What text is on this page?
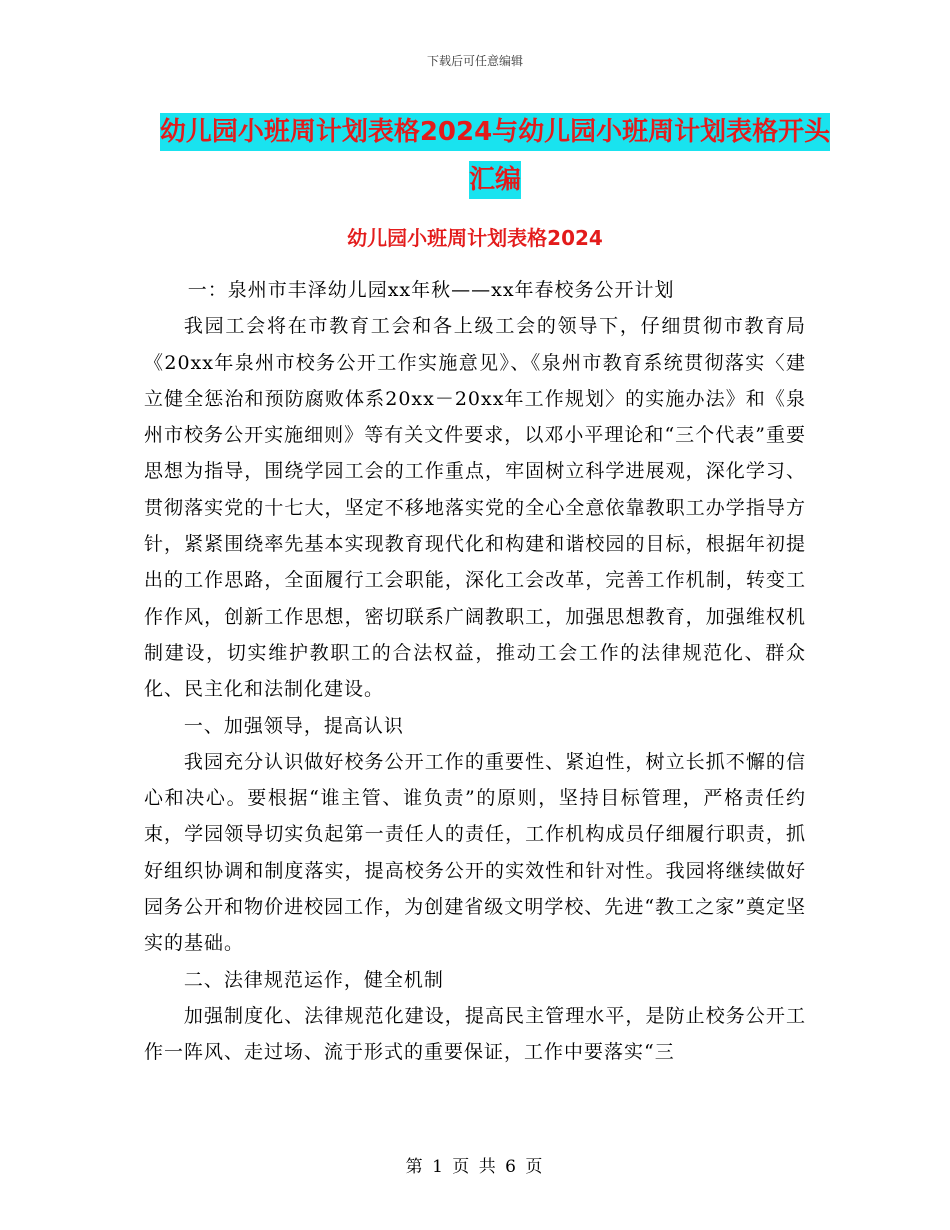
下载后可任意编辑
幼儿园小班周计划表格2024与幼儿园小班周计划表格开头汇编
幼儿园小班周计划表格2024

一：泉州市丰泽幼儿园xx年秋——xx年春校务公开计划

我园工会将在市教育工会和各上级工会的领导下，仔细贯彻市教育局《20xx年泉州市校务公开工作实施意见》、《泉州市教育系统贯彻落实〈建立健全惩治和预防腐败体系20xx－20xx年工作规划〉的实施办法》和《泉州市校务公开实施细则》等有关文件要求，以邓小平理论和“三个代表”重要思想为指导，围绕学园工会的工作重点，牢固树立科学进展观，深化学习、贯彻落实党的十七大，坚定不移地落实党的全心全意依靠教职工办学指导方针，紧紧围绕率先基本实现教育现代化和构建和谐校园的目标，根据年初提出的工作思路，全面履行工会职能，深化工会改革，完善工作机制，转变工作作风，创新工作思想，密切联系广阔教职工，加强思想教育，加强维权机制建设，切实维护教职工的合法权益，推动工会工作的法律规范化、群众化、民主化和法制化建设。

一、加强领导，提高认识

我园充分认识做好校务公开工作的重要性、紧迫性，树立长抓不懈的信心和决心。要根据“谁主管、谁负责”的原则，坚持目标管理，严格责任约束，学园领导切实负起第一责任人的责任，工作机构成员仔细履行职责，抓好组织协调和制度落实，提高校务公开的实效性和针对性。我园将继续做好园务公开和物价进校园工作，为创建省级文明学校、先进“教工之家”奠定坚实的基础。

二、法律规范运作，健全机制

加强制度化、法律规范化建设，提高民主管理水平，是防止校务公开工作一阵风、走过场、流于形式的重要保证，工作中要落实“三

第 1 页 共 6 页
